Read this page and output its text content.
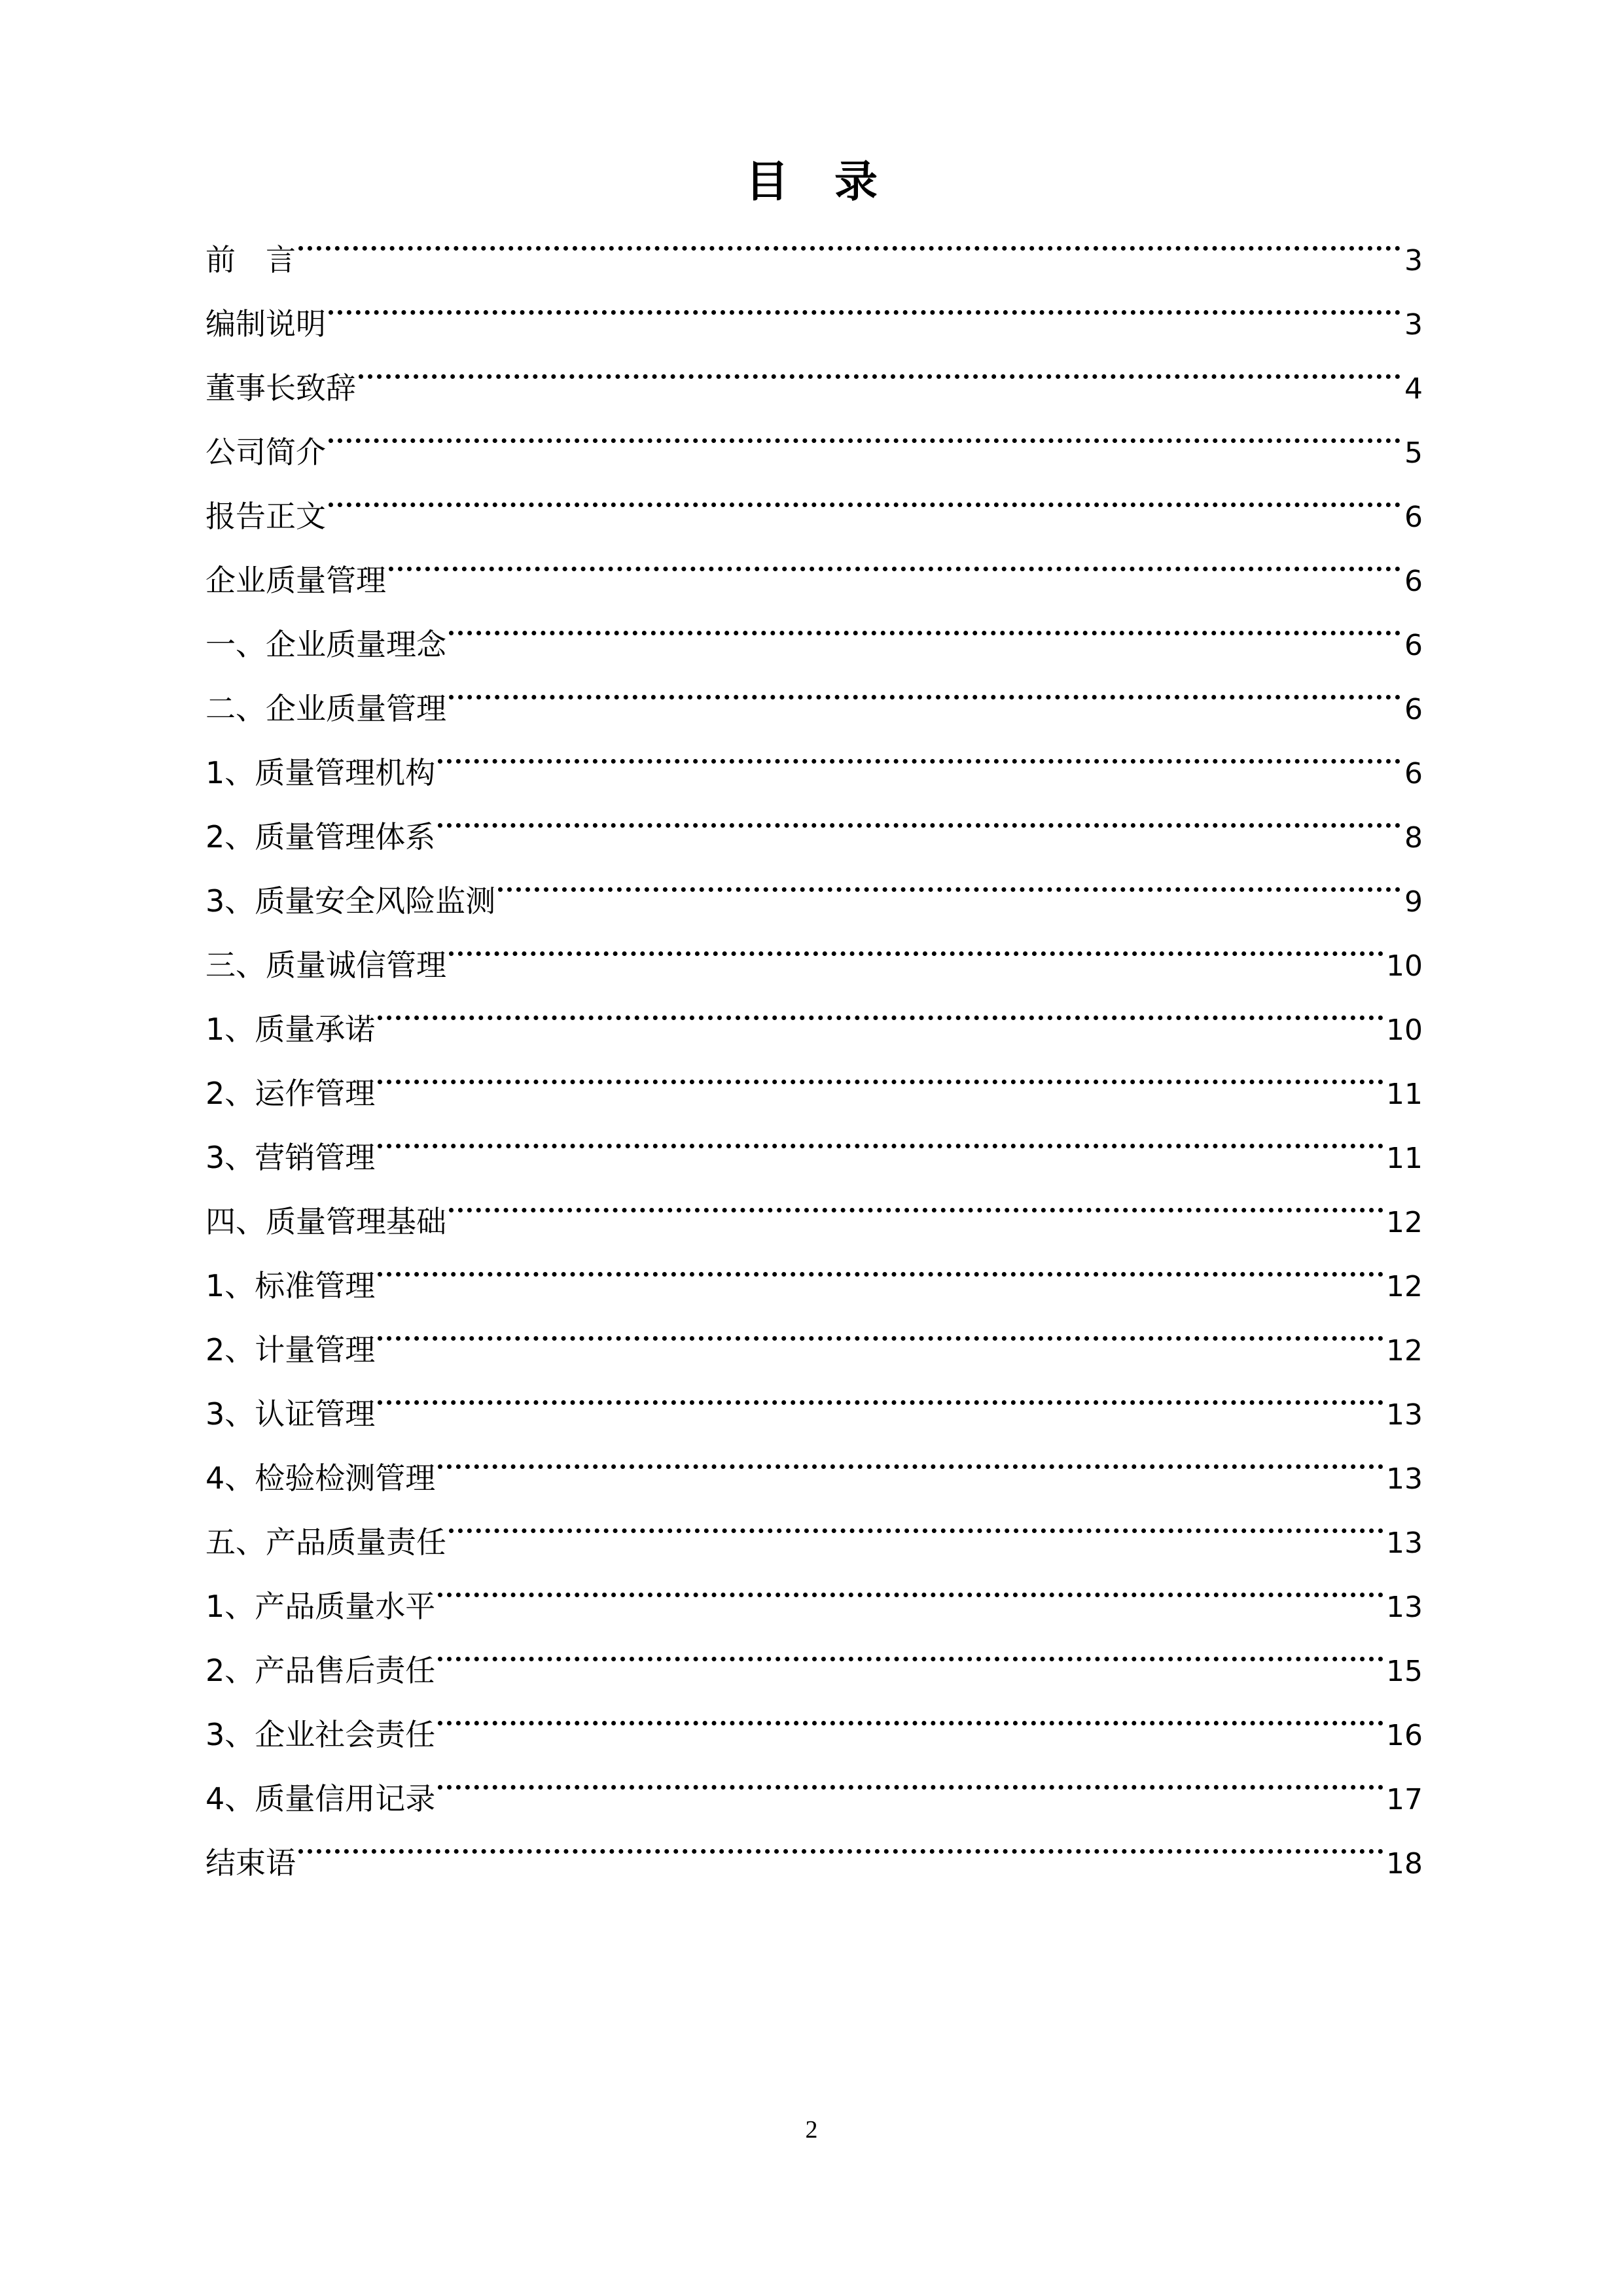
目录
前　言	3
编制说明	3
董事长致辞	4
公司简介	5
报告正文	6
企业质量管理	6
一、企业质量理念	6
二、企业质量管理	6
1、质量管理机构	6
2、质量管理体系	8
3、质量安全风险监测	9
三、质量诚信管理	10
1、质量承诺	10
2、运作管理	11
3、营销管理	11
四、质量管理基础	12
1、标准管理	12
2、计量管理	12
3、认证管理	13
4、检验检测管理	13
五、产品质量责任	13
1、产品质量水平	13
2、产品售后责任	15
3、企业社会责任	16
4、质量信用记录	17
结束语	18
2
